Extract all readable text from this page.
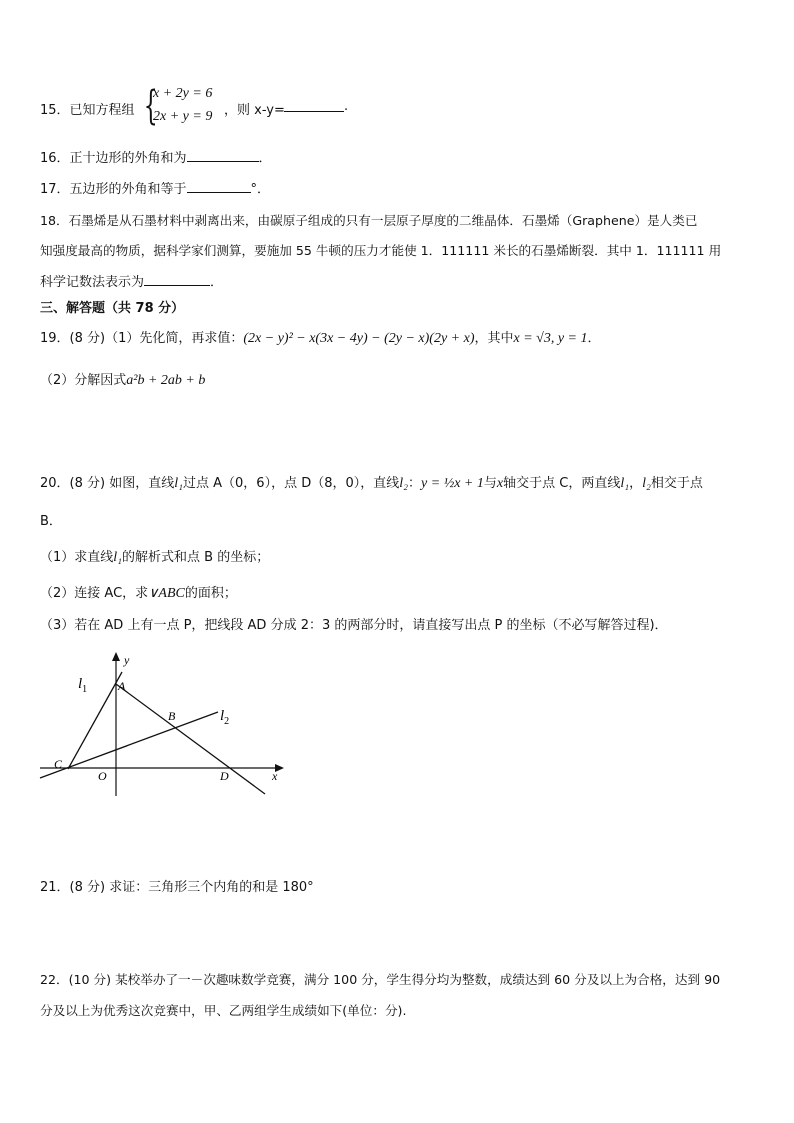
15．已知方程组 {
x + 2y = 6
2x + y = 9 ，则 x-y=	.
16．正十边形的外角和为	．
17．五边形的外角和等于	°．
18．石墨烯是从石墨材料中剥离出来，由碳原子组成的只有一层原子厚度的二维晶体．石墨烯（Graphene）是人类已
知强度最高的物质，据科学家们测算，要施加 55 牛顿的压力才能使 1．111111 米长的石墨烯断裂．其中 1．111111 用
科学记数法表示为	．
三、解答题（共 78 分）
19．(8 分)（1）先化简，再求值：(2x − y)² − x(3x − 4y) − (2y − x)(2y + x)，其中x = √3, y = 1．
（2）分解因式a²b + 2ab + b
20．(8 分) 如图，直线l₁过点 A（0，6），点 D（8，0），直线l₂：y = ½x + 1与x轴交于点 C，两直线l₁，l₂相交于点
B．
（1）求直线l₁的解析式和点 B 的坐标；
（2）连接 AC，求∨ABC的面积；
（3）若在 AD 上有一点 P，把线段 AD 分成 2：3 的两部分时，请直接写出点 P 的坐标（不必写解答过程)．
y
x
A
B
C
O	D
$l_1$
$l_2$
21．(8 分) 求证：三角形三个内角的和是 180°
22．(10 分) 某校举办了一－次趣味数学竞赛，满分 100 分，学生得分均为整数，成绩达到 60 分及以上为合格，达到 90
分及以上为优秀这次竞赛中，甲、乙两组学生成绩如下(单位：分).
